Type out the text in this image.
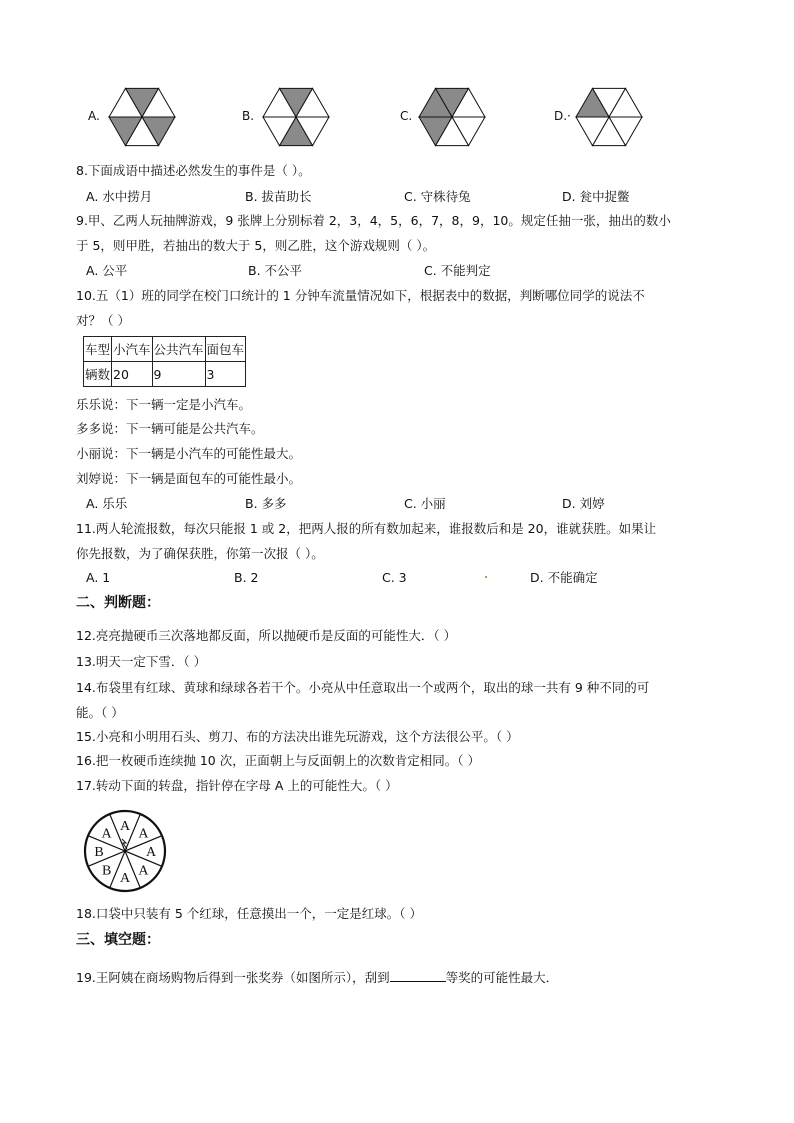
A.	B.	C.	D.·
8.下面成语中描述必然发生的事件是（ ）。
A. 水中捞月	B. 拔苗助长	C. 守株待兔	D. 瓮中捉鳖
9.甲、乙两人玩抽牌游戏，9 张牌上分别标着 2，3，4，5，6，7，8，9，10。规定任抽一张，抽出的数小
于 5，则甲胜，若抽出的数大于 5，则乙胜，这个游戏规则（ ）。
A. 公平	B. 不公平	C. 不能判定
10.五（1）班的同学在校门口统计的 1 分钟车流量情况如下，根据表中的数据，判断哪位同学的说法不
对？（ ）
车型	小汽车	公共汽车	面包车
辆数	20	9	3
乐乐说：下一辆一定是小汽车。
多多说：下一辆可能是公共汽车。
小丽说：下一辆是小汽车的可能性最大。
刘婷说：下一辆是面包车的可能性最小。
A. 乐乐	B. 多多	C. 小丽	D. 刘婷
11.两人轮流报数，每次只能报 1 或 2，把两人报的所有数加起来，谁报数后和是 20，谁就获胜。如果让
你先报数，为了确保获胜，你第一次报（ ）。
A. 1	B. 2	C. 3	D. 不能确定
二、判断题：
12.亮亮抛硬币三次落地都反面，所以抛硬币是反面的可能性大．（ ）
13.明天一定下雪．（ ）
14.布袋里有红球、黄球和绿球各若干个。小亮从中任意取出一个或两个，取出的球一共有 9 种不同的可
能。（ ）
15.小亮和小明用石头、剪刀、布的方法决出谁先玩游戏，这个方法很公平。（ ）
16.把一枚硬币连续抛 10 次，正面朝上与反面朝上的次数肯定相同。（ ）
17.转动下面的转盘，指针停在字母 A 上的可能性大。（ ）
A
A
A
A
A
B
B
A
18.口袋中只装有 5 个红球，任意摸出一个，一定是红球。（ ）
三、填空题：
19.王阿姨在商场购物后得到一张奖券（如图所示），刮到	等奖的可能性最大．
